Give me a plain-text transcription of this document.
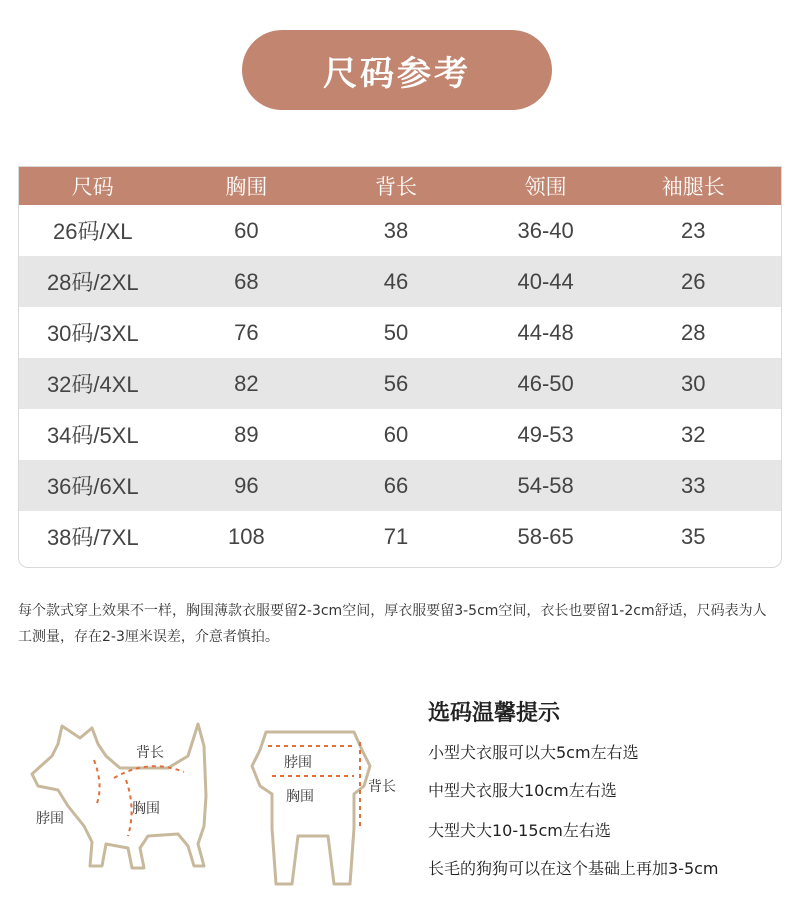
尺码参考
尺码	胸围	背长	领围	袖腿长
26码/XL	60	38	36-40	23
28码/2XL	68	46	40-44	26
30码/3XL	76	50	44-48	28
32码/4XL	82	56	46-50	30
34码/5XL	89	60	49-53	32
36码/6XL	96	66	54-58	33
38码/7XL	108	71	58-65	35

每个款式穿上效果不一样，胸围薄款衣服要留2-3cm空间，厚衣服要留3-5cm空间，衣长也要留1-2cm舒适，尺码表为人工测量，存在2-3厘米误差，介意者慎拍。

背长
脖围
胸围
脖围
胸围
背长
选码温馨提示
小型犬衣服可以大5cm左右选
中型犬衣服大10cm左右选
大型犬大10-15cm左右选
长毛的狗狗可以在这个基础上再加3-5cm
